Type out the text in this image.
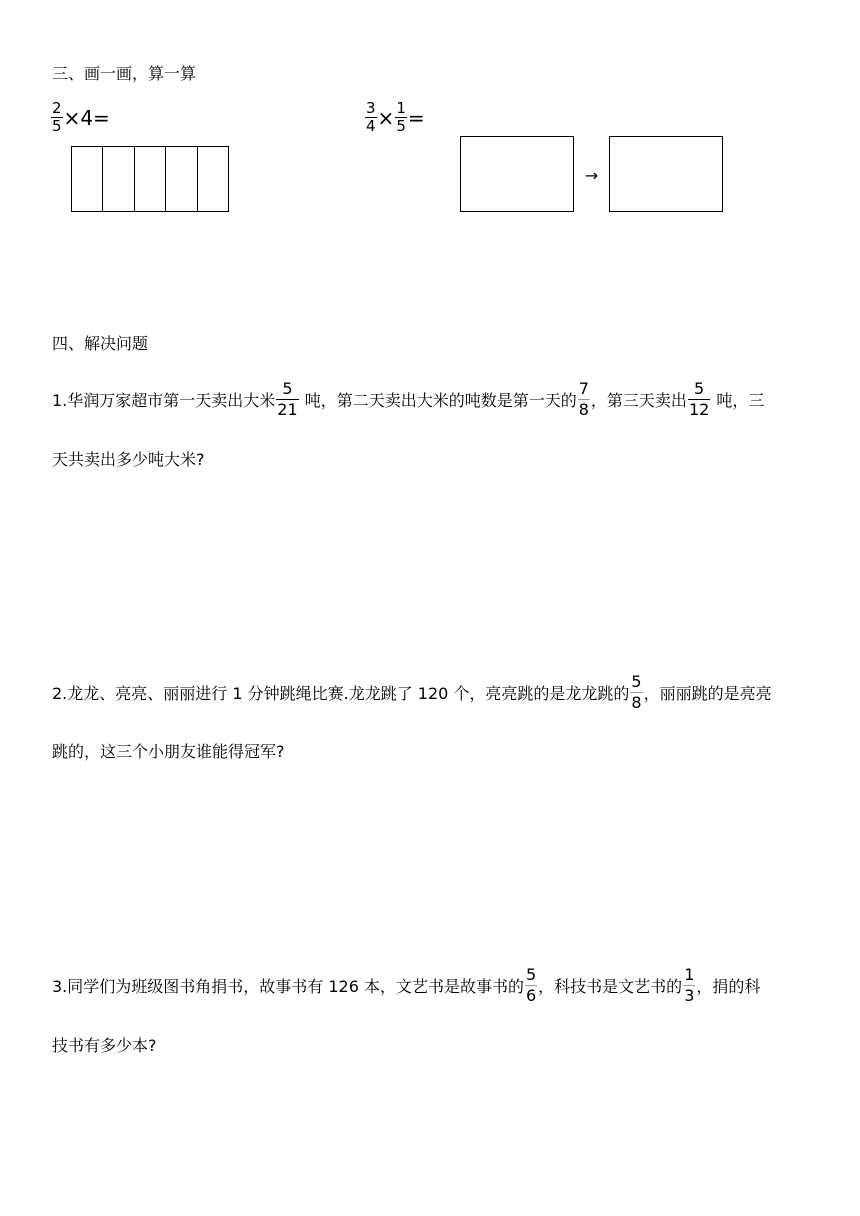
三、画一画，算一算
$\frac{2}{5} \times 4$ =	$\frac{3}{4} \times \frac{1}{5}$ =
→
四、解决问题
1.华润万家超市第一天卖出大米 $\frac{5}{21}$ 吨，第二天卖出大米的吨数是第一天的 $\frac{7}{8}$ ，第三天卖出 $\frac{5}{12}$ 吨，三
天共卖出多少吨大米?
2.龙龙、亮亮、丽丽进行 1 分钟跳绳比赛.龙龙跳了 120 个，亮亮跳的是龙龙跳的 $\frac{5}{8}$ ，丽丽跳的是亮亮
跳的，这三个小朋友谁能得冠军?
3.同学们为班级图书角捐书，故事书有 126 本，文艺书是故事书的 $\frac{5}{6}$ ，科技书是文艺书的 $\frac{1}{3}$ ，捐的科
技书有多少本?
